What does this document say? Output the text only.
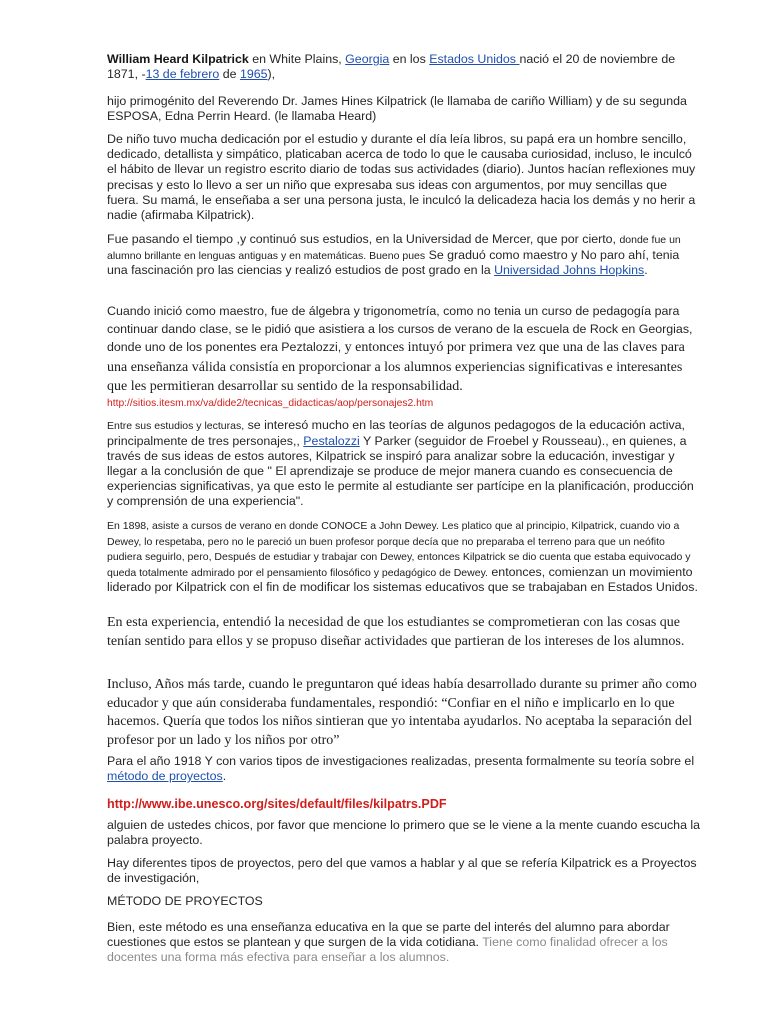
William Heard Kilpatrick en White Plains, Georgia en los Estados Unidos nació el 20 de noviembre de 1871, -13 de febrero de 1965),

hijo primogénito del Reverendo Dr. James Hines Kilpatrick (le llamaba de cariño William) y de su segunda ESPOSA, Edna Perrin Heard. (le llamaba Heard)

De niño tuvo mucha dedicación por el estudio y durante el día leía libros, su papá era un hombre sencillo, dedicado, detallista y simpático, platicaban acerca de todo lo que le causaba curiosidad, incluso, le inculcó el hábito de llevar un registro escrito diario de todas sus actividades (diario). Juntos hacían reflexiones muy precisas y esto lo llevo a ser un niño que expresaba sus ideas con argumentos, por muy sencillas que fuera. Su mamá, le enseñaba a ser una persona justa, le inculcó la delicadeza hacia los demás y no herir a nadie (afirmaba Kilpatrick).

Fue pasando el tiempo ,y continuó sus estudios, en la Universidad de Mercer, que por cierto, donde fue un alumno brillante en lenguas antiguas y en matemáticas. Bueno pues Se graduó como maestro y No paro ahí, tenia una fascinación pro las ciencias y realizó estudios de post grado en la Universidad Johns Hopkins.

Cuando inició como maestro, fue de álgebra y trigonometría, como no tenia un curso de pedagogía para continuar dando clase, se le pidió que asistiera a los cursos de verano de la escuela de Rock en Georgias, donde uno de los ponentes era Peztalozzi, y entonces intuyó por primera vez que una de las claves para una enseñanza válida consistía en proporcionar a los alumnos experiencias significativas e interesantes que les permitieran desarrollar su sentido de la responsabilidad.

http://sitios.itesm.mx/va/dide2/tecnicas_didacticas/aop/personajes2.htm

Entre sus estudios y lecturas, se interesó mucho en las teorías de algunos pedagogos de la educación activa, principalmente de tres personajes,, Pestalozzi Y Parker (seguidor de Froebel y Rousseau)., en quienes, a través de sus ideas de estos autores, Kilpatrick se inspiró para analizar sobre la educación, investigar y llegar a la conclusión de que " El aprendizaje se produce de mejor manera cuando es consecuencia de experiencias significativas, ya que esto le permite al estudiante ser partícipe en la planificación, producción y comprensión de una experiencia".

En 1898, asiste a cursos de verano en donde CONOCE a John Dewey. Les platico que al principio, Kilpatrick, cuando vio a Dewey, lo respetaba, pero no le pareció un buen profesor porque decía que no preparaba el terreno para que un neófito pudiera seguirlo, pero, Después de estudiar y trabajar con Dewey, entonces Kilpatrick se dio cuenta que estaba equivocado y queda totalmente admirado por el pensamiento filosófico y pedagógico de Dewey. entonces, comienzan un movimiento liderado por Kilpatrick con el fin de modificar los sistemas educativos que se trabajaban en Estados Unidos.

En esta experiencia, entendió la necesidad de que los estudiantes se comprometieran con las cosas que tenían sentido para ellos y se propuso diseñar actividades que partieran de los intereses de los alumnos.

Incluso, Años más tarde, cuando le preguntaron qué ideas había desarrollado durante su primer año como educador y que aún consideraba fundamentales, respondió: “Confiar en el niño e implicarlo en lo que hacemos. Quería que todos los niños sintieran que yo intentaba ayudarlos. No aceptaba la separación del profesor por un lado y los niños por otro”

Para el año 1918 Y con varios tipos de investigaciones realizadas, presenta formalmente su teoría sobre el método de proyectos.

http://www.ibe.unesco.org/sites/default/files/kilpatrs.PDF

alguien de ustedes chicos, por favor que mencione lo primero que se le viene a la mente cuando escucha la palabra proyecto.

Hay diferentes tipos de proyectos, pero del que vamos a hablar y al que se refería Kilpatrick es a Proyectos de investigación,

MÉTODO DE PROYECTOS

Bien, este método es una enseñanza educativa en la que se parte del interés del alumno para abordar cuestiones que estos se plantean y que surgen de la vida cotidiana. Tiene como finalidad ofrecer a los docentes una forma más efectiva para enseñar a los alumnos.
